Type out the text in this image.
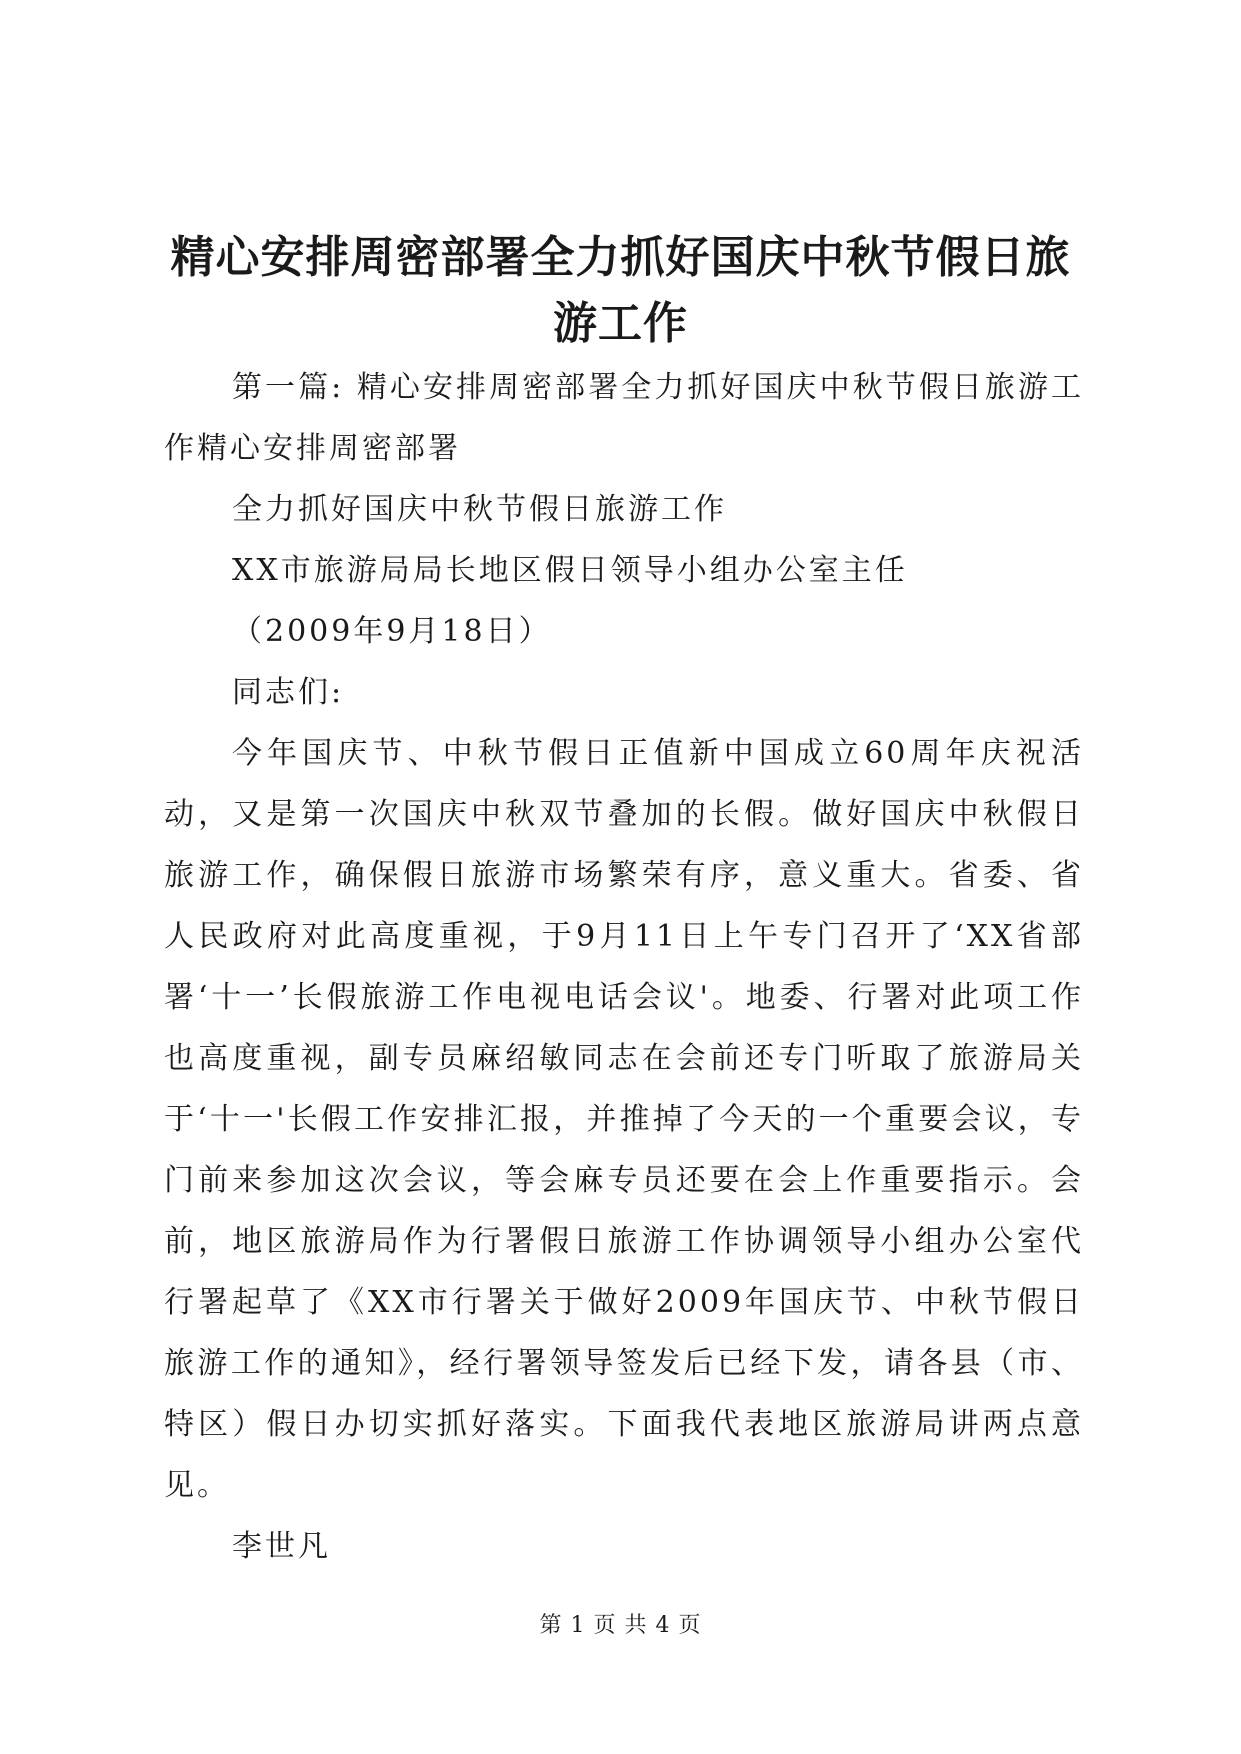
精心安排周密部署全力抓好国庆中秋节假日旅游工作

第一篇: 精心安排周密部署全力抓好国庆中秋节假日旅游工作精心安排周密部署

全力抓好国庆中秋节假日旅游工作

XX市旅游局局长地区假日领导小组办公室主任

（2009年9月18日）

同志们:

今年国庆节、中秋节假日正值新中国成立60周年庆祝活动，又是第一次国庆中秋双节叠加的长假。做好国庆中秋假日旅游工作，确保假日旅游市场繁荣有序，意义重大。省委、省人民政府对此高度重视，于9月11日上午专门召开了‘XX省部署‘十一’长假旅游工作电视电话会议'。地委、行署对此项工作也高度重视，副专员麻绍敏同志在会前还专门听取了旅游局关于‘十一'长假工作安排汇报，并推掉了今天的一个重要会议，专门前来参加这次会议，等会麻专员还要在会上作重要指示。会前，地区旅游局作为行署假日旅游工作协调领导小组办公室代行署起草了《XX市行署关于做好2009年国庆节、中秋节假日旅游工作的通知》，经行署领导签发后已经下发，请各县（市、特区）假日办切实抓好落实。下面我代表地区旅游局讲两点意见。

李世凡

第 1 页 共 4 页
